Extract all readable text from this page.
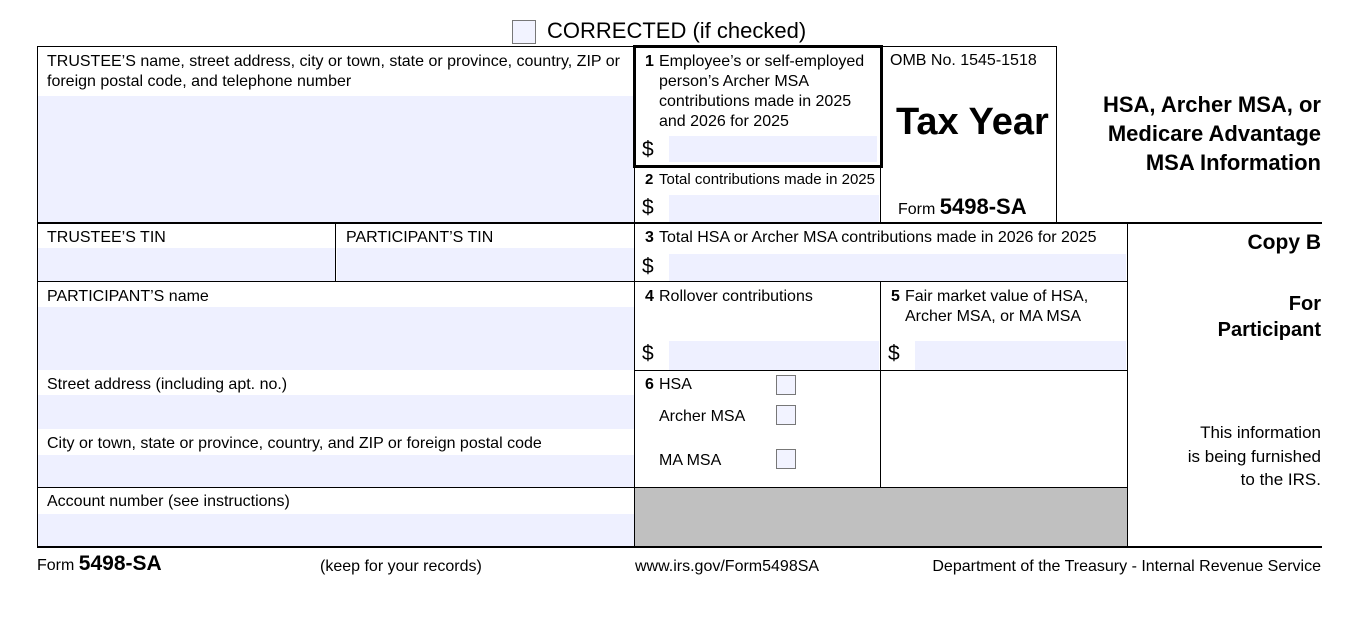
CORRECTED (if checked)
TRUSTEE’S name, street address, city or town, state or province, country, ZIP or foreign postal code, and telephone number
TRUSTEE’S TIN	PARTICIPANT’S TIN
PARTICIPANT’S name
Street address (including apt. no.)
City or town, state or province, country, and ZIP or foreign postal code
Account number (see instructions)
1 Employee’s or self-employed person’s Archer MSA contributions made in 2025 and 2026 for 2025
$
2 Total contributions made in 2025
$
OMB No. 1545-1518
Tax Year
Form 5498-SA
HSA, Archer MSA, or
Medicare Advantage
MSA Information
3 Total HSA or Archer MSA contributions made in 2026 for 2025
$
Copy B
For
Participant
4 Rollover contributions
$
5 Fair market value of HSA, Archer MSA, or MA MSA
$
6 HSA
Archer MSA
MA MSA
This information
is being furnished
to the IRS.
Form 5498-SA	(keep for your records)	www.irs.gov/Form5498SA	Department of the Treasury - Internal Revenue Service
